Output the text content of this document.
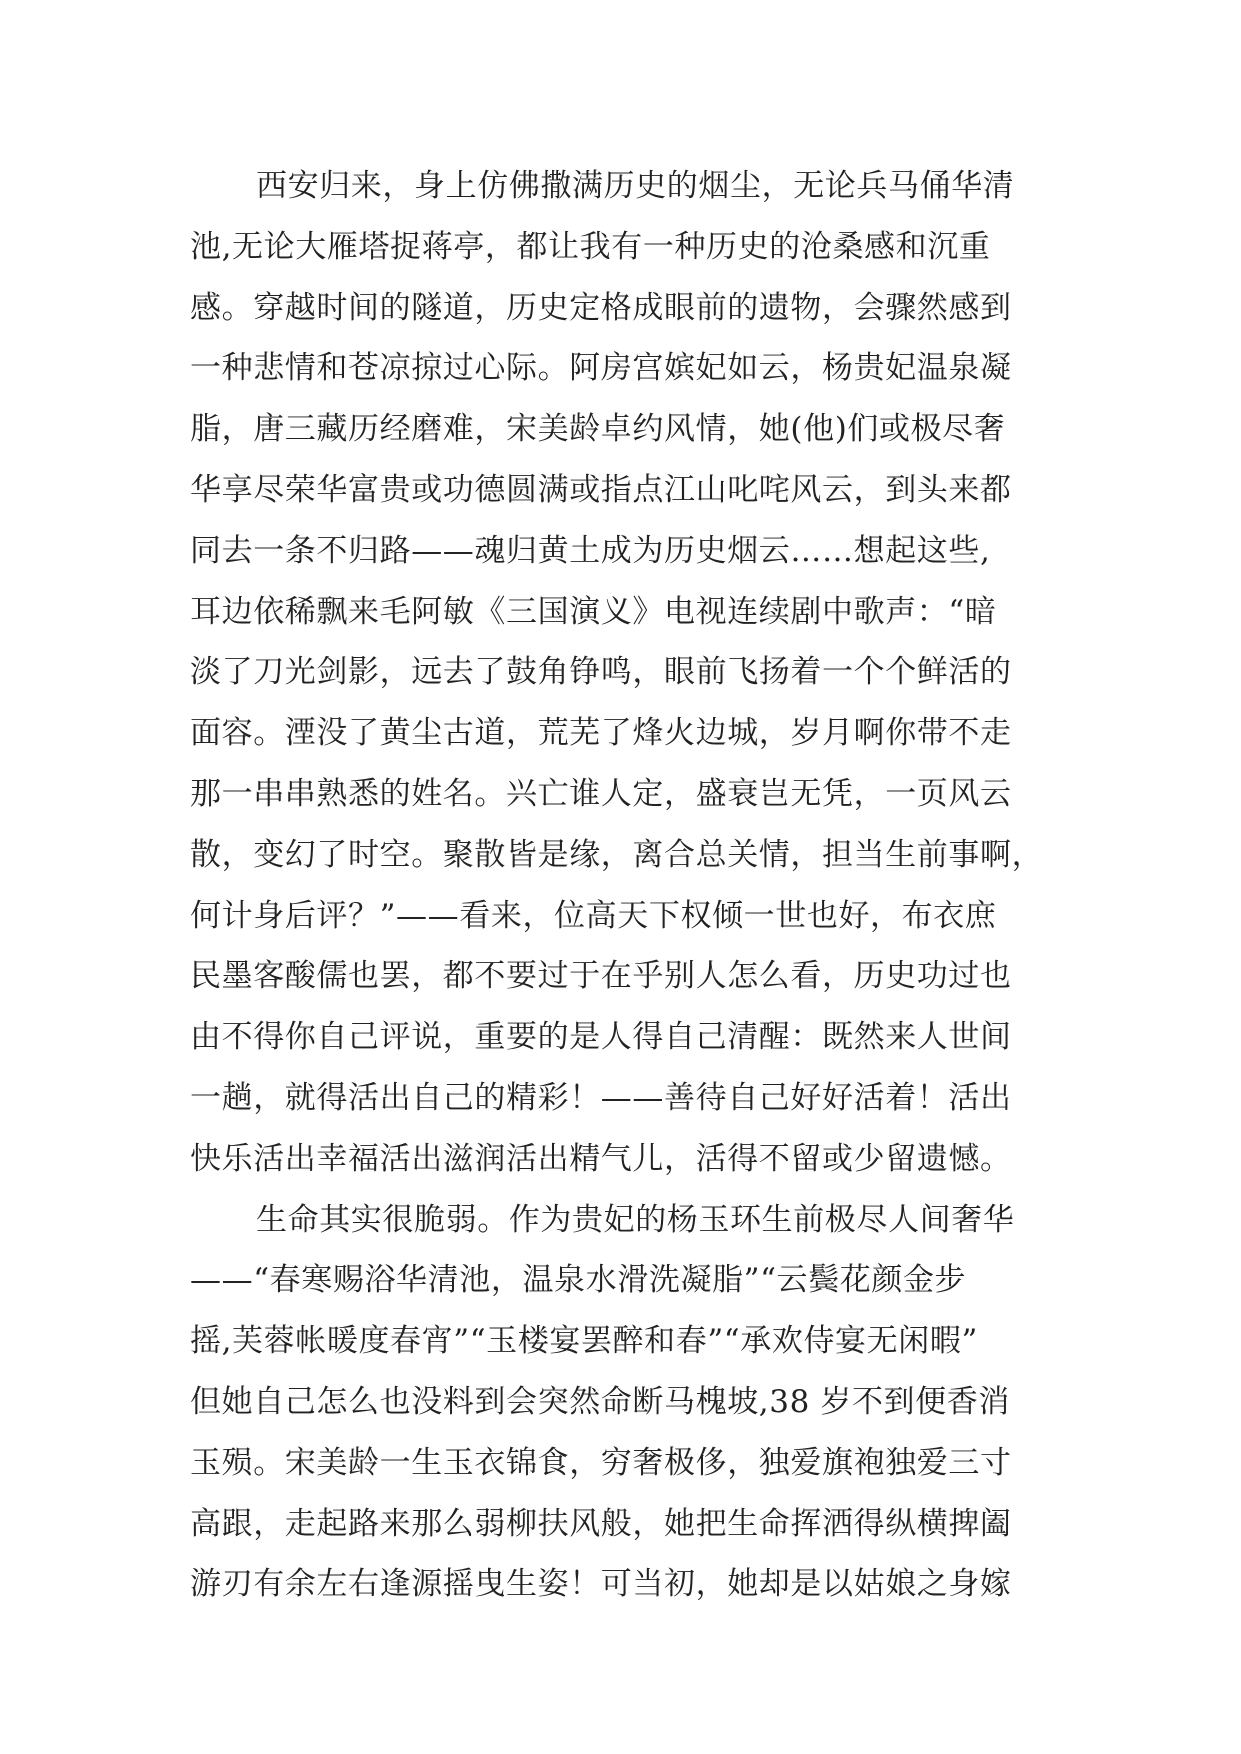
西安归来，身上仿佛撒满历史的烟尘，无论兵马俑华清
池,无论大雁塔捉蒋亭，都让我有一种历史的沧桑感和沉重
感。穿越时间的隧道，历史定格成眼前的遗物，会骤然感到
一种悲情和苍凉掠过心际。阿房宫嫔妃如云，杨贵妃温泉凝
脂，唐三藏历经磨难，宋美龄卓约风情，她(他)们或极尽奢
华享尽荣华富贵或功德圆满或指点江山叱咤风云，到头来都
同去一条不归路——魂归黄土成为历史烟云……想起这些,
耳边依稀飘来毛阿敏《三国演义》电视连续剧中歌声：“暗
淡了刀光剑影，远去了鼓角铮鸣，眼前飞扬着一个个鲜活的
面容。湮没了黄尘古道，荒芜了烽火边城，岁月啊你带不走
那一串串熟悉的姓名。兴亡谁人定，盛衰岂无凭，一页风云
散，变幻了时空。聚散皆是缘，离合总关情，担当生前事啊，
何计身后评？”——看来，位高天下权倾一世也好，布衣庶
民墨客酸儒也罢，都不要过于在乎别人怎么看，历史功过也
由不得你自己评说，重要的是人得自己清醒：既然来人世间
一趟，就得活出自己的精彩！——善待自己好好活着！活出
快乐活出幸福活出滋润活出精气儿，活得不留或少留遗憾。
生命其实很脆弱。作为贵妃的杨玉环生前极尽人间奢华
——“春寒赐浴华清池，温泉水滑洗凝脂”“云鬓花颜金步
摇,芙蓉帐暖度春宵”“玉楼宴罢醉和春”“承欢侍宴无闲暇”
但她自己怎么也没料到会突然命断马槐坡,38 岁不到便香消
玉殒。宋美龄一生玉衣锦食，穷奢极侈，独爱旗袍独爱三寸
高跟，走起路来那么弱柳扶风般，她把生命挥洒得纵横捭阖
游刃有余左右逢源摇曳生姿！可当初，她却是以姑娘之身嫁
